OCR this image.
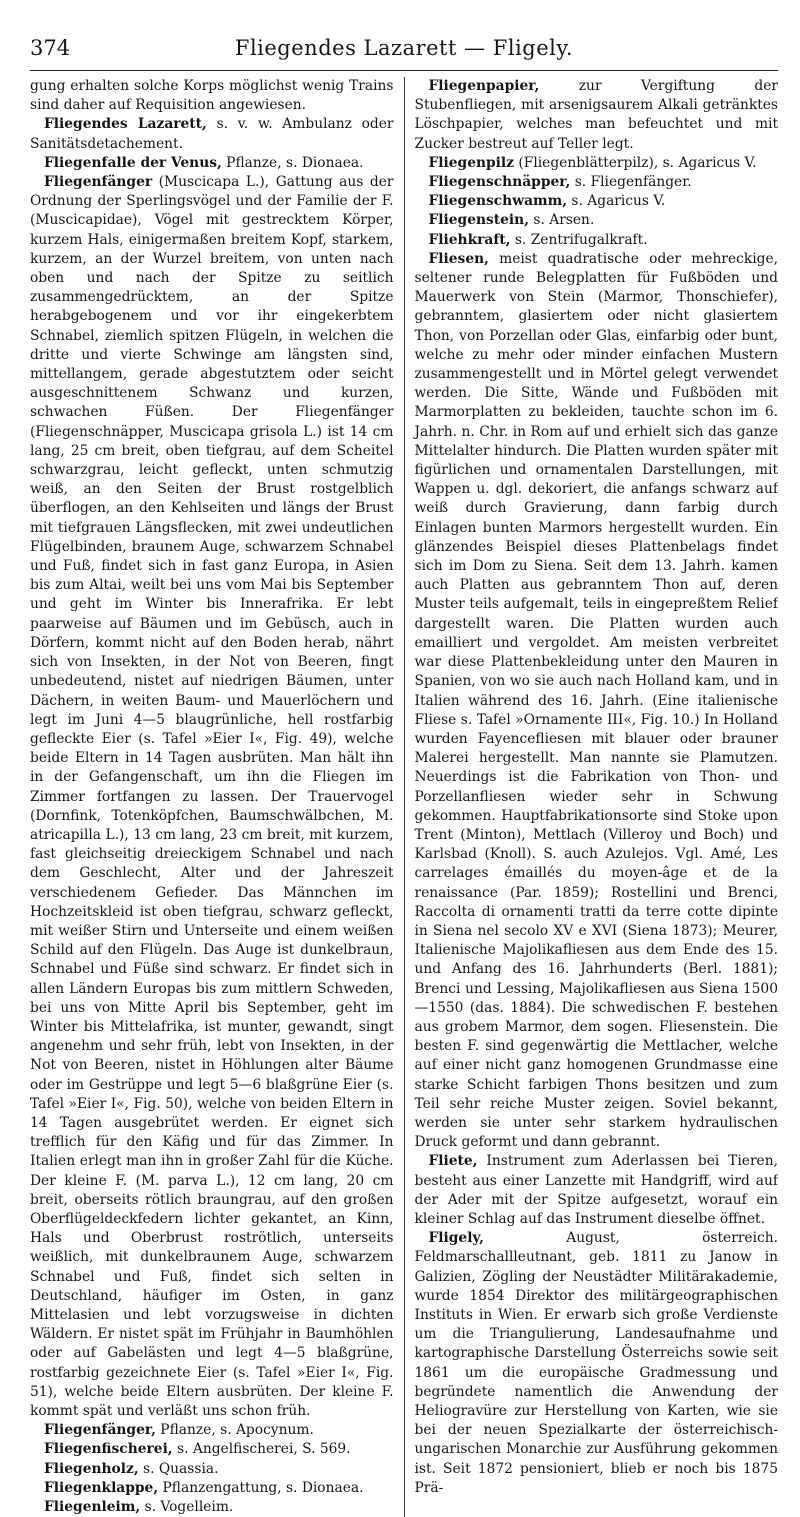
374	Fliegendes Lazarett — Fligely.

gung erhalten solche Korps möglichst wenig Trains sind daher auf Requisition angewiesen.

Fliegendes Lazarett, s. v. w. Ambulanz oder Sanitätsdetachement.

Fliegenfalle der Venus, Pflanze, s. Dionaea.

Fliegenfänger (Muscicapa L.), Gattung aus der Ordnung der Sperlingsvögel und der Familie der F. (Muscicapidae), Vögel mit gestrecktem Körper, kurzem Hals, einigermaßen breitem Kopf, starkem, kurzem, an der Wurzel breitem, von unten nach oben und nach der Spitze zu seitlich zusammengedrücktem, an der Spitze herabgebogenem und vor ihr eingekerbtem Schnabel, ziemlich spitzen Flügeln, in welchen die dritte und vierte Schwinge am längsten sind, mittellangem, gerade abgestutztem oder seicht ausgeschnittenem Schwanz und kurzen, schwachen Füßen. Der Fliegenfänger (Fliegenschnäpper, Muscicapa grisola L.) ist 14 cm lang, 25 cm breit, oben tiefgrau, auf dem Scheitel schwarzgrau, leicht gefleckt, unten schmutzig weiß, an den Seiten der Brust rostgelblich überflogen, an den Kehlseiten und längs der Brust mit tiefgrauen Längsflecken, mit zwei undeutlichen Flügelbinden, braunem Auge, schwarzem Schnabel und Fuß, findet sich in fast ganz Europa, in Asien bis zum Altai, weilt bei uns vom Mai bis September und geht im Winter bis Innerafrika. Er lebt paarweise auf Bäumen und im Gebüsch, auch in Dörfern, kommt nicht auf den Boden herab, nährt sich von Insekten, in der Not von Beeren, fingt unbedeutend, nistet auf niedrigen Bäumen, unter Dächern, in weiten Baum- und Mauerlöchern und legt im Juni 4—5 blaugrünliche, hell rostfarbig gefleckte Eier (s. Tafel »Eier I«, Fig. 49), welche beide Eltern in 14 Tagen ausbrüten. Man hält ihn in der Gefangenschaft, um ihn die Fliegen im Zimmer fortfangen zu lassen. Der Trauervogel (Dornfink, Totenköpfchen, Baumschwälbchen, M. atricapilla L.), 13 cm lang, 23 cm breit, mit kurzem, fast gleichseitig dreieckigem Schnabel und nach dem Geschlecht, Alter und der Jahreszeit verschiedenem Gefieder. Das Männchen im Hochzeitskleid ist oben tiefgrau, schwarz gefleckt, mit weißer Stirn und Unterseite und einem weißen Schild auf den Flügeln. Das Auge ist dunkelbraun, Schnabel und Füße sind schwarz. Er findet sich in allen Ländern Europas bis zum mittlern Schweden, bei uns von Mitte April bis September, geht im Winter bis Mittelafrika, ist munter, gewandt, singt angenehm und sehr früh, lebt von Insekten, in der Not von Beeren, nistet in Höhlungen alter Bäume oder im Gestrüppe und legt 5—6 blaßgrüne Eier (s. Tafel »Eier I«, Fig. 50), welche von beiden Eltern in 14 Tagen ausgebrütet werden. Er eignet sich trefflich für den Käfig und für das Zimmer. In Italien erlegt man ihn in großer Zahl für die Küche. Der kleine F. (M. parva L.), 12 cm lang, 20 cm breit, oberseits rötlich braungrau, auf den großen Oberflügeldeckfedern lichter gekantet, an Kinn, Hals und Oberbrust roströtlich, unterseits weißlich, mit dunkelbraunem Auge, schwarzem Schnabel und Fuß, findet sich selten in Deutschland, häufiger im Osten, in ganz Mittelasien und lebt vorzugsweise in dichten Wäldern. Er nistet spät im Frühjahr in Baumhöhlen oder auf Gabelästen und legt 4—5 blaßgrüne, rostfarbig gezeichnete Eier (s. Tafel »Eier I«, Fig. 51), welche beide Eltern ausbrüten. Der kleine F. kommt spät und verläßt uns schon früh.

Fliegenfänger, Pflanze, s. Apocynum.

Fliegenfischerei, s. Angelfischerei, S. 569.

Fliegenholz, s. Quassia.

Fliegenklappe, Pflanzengattung, s. Dionaea.

Fliegenleim, s. Vogelleim.

Fliegenpapier, zur Vergiftung der Stubenfliegen, mit arsenigsaurem Alkali getränktes Löschpapier, welches man befeuchtet und mit Zucker bestreut auf Teller legt.

Fliegenpilz (Fliegenblätterpilz), s. Agaricus V.

Fliegenschnäpper, s. Fliegenfänger.

Fliegenschwamm, s. Agaricus V.

Fliegenstein, s. Arsen.

Fliehkraft, s. Zentrifugalkraft.

Fliesen, meist quadratische oder mehreckige, seltener runde Belegplatten für Fußböden und Mauerwerk von Stein (Marmor, Thonschiefer), gebranntem, glasiertem oder nicht glasiertem Thon, von Porzellan oder Glas, einfarbig oder bunt, welche zu mehr oder minder einfachen Mustern zusammengestellt und in Mörtel gelegt verwendet werden. Die Sitte, Wände und Fußböden mit Marmorplatten zu bekleiden, tauchte schon im 6. Jahrh. n. Chr. in Rom auf und erhielt sich das ganze Mittelalter hindurch. Die Platten wurden später mit figürlichen und ornamentalen Darstellungen, mit Wappen u. dgl. dekoriert, die anfangs schwarz auf weiß durch Gravierung, dann farbig durch Einlagen bunten Marmors hergestellt wurden. Ein glänzendes Beispiel dieses Plattenbelags findet sich im Dom zu Siena. Seit dem 13. Jahrh. kamen auch Platten aus gebranntem Thon auf, deren Muster teils aufgemalt, teils in eingepreßtem Relief dargestellt waren. Die Platten wurden auch emailliert und vergoldet. Am meisten verbreitet war diese Plattenbekleidung unter den Mauren in Spanien, von wo sie auch nach Holland kam, und in Italien während des 16. Jahrh. (Eine italienische Fliese s. Tafel »Ornamente III«, Fig. 10.) In Holland wurden Fayencefliesen mit blauer oder brauner Malerei hergestellt. Man nannte sie Plamutzen. Neuerdings ist die Fabrikation von Thon- und Porzellanfliesen wieder sehr in Schwung gekommen. Hauptfabrikationsorte sind Stoke upon Trent (Minton), Mettlach (Villeroy und Boch) und Karlsbad (Knoll). S. auch Azulejos. Vgl. Amé, Les carrelages émaillés du moyen-âge et de la renaissance (Par. 1859); Rostellini und Brenci, Raccolta di ornamenti tratti da terre cotte dipinte in Siena nel secolo XV e XVI (Siena 1873); Meurer, Italienische Majolikafliesen aus dem Ende des 15. und Anfang des 16. Jahrhunderts (Berl. 1881); Brenci und Lessing, Majolikafliesen aus Siena 1500—1550 (das. 1884). Die schwedischen F. bestehen aus grobem Marmor, dem sogen. Fliesenstein. Die besten F. sind gegenwärtig die Mettlacher, welche auf einer nicht ganz homogenen Grundmasse eine starke Schicht farbigen Thons besitzen und zum Teil sehr reiche Muster zeigen. Soviel bekannt, werden sie unter sehr starkem hydraulischen Druck geformt und dann gebrannt.

Fliete, Instrument zum Aderlassen bei Tieren, besteht aus einer Lanzette mit Handgriff, wird auf der Ader mit der Spitze aufgesetzt, worauf ein kleiner Schlag auf das Instrument dieselbe öffnet.

Fligely, August, österreich. Feldmarschallleutnant, geb. 1811 zu Janow in Galizien, Zögling der Neustädter Militärakademie, wurde 1854 Direktor des militärgeographischen Instituts in Wien. Er erwarb sich große Verdienste um die Triangulierung, Landesaufnahme und kartographische Darstellung Österreichs sowie seit 1861 um die europäische Gradmessung und begründete namentlich die Anwendung der Heliogravüre zur Herstellung von Karten, wie sie bei der neuen Spezialkarte der österreichisch-ungarischen Monarchie zur Ausführung gekommen ist. Seit 1872 pensioniert, blieb er noch bis 1875 Prä-
